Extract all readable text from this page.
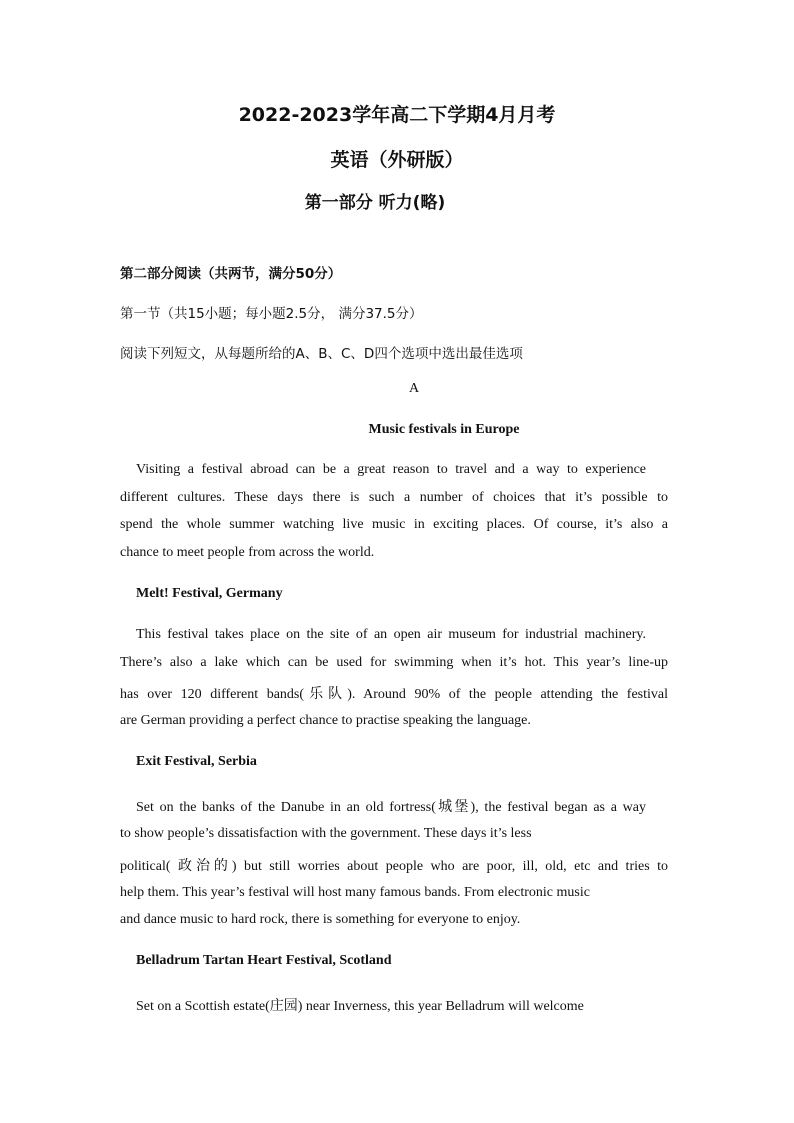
2022-2023学年高二下学期4月月考
英语（外研版）
第一部分 听力(略)
第二部分阅读（共两节，满分50分）
第一节（共15小题；每小题2.5分， 满分37.5分）
阅读下列短文，从每题所给的A、B、C、D四个选项中选出最佳选项
A
Music festivals in Europe
Visiting a festival abroad can be a great reason to travel and a way to experience
different cultures. These days there is such a number of choices that it’s possible to
spend the whole summer watching live music in exciting places. Of course, it’s also a
chance to meet people from across the world.
Melt! Festival, Germany
This festival takes place on the site of an open air museum for industrial machinery.
There’s also a lake which can be used for swimming when it’s hot. This year’s line-up
has over 120 different bands(乐队). Around 90% of the people attending the festival
are German providing a perfect chance to practise speaking the language.
Exit Festival, Serbia
Set on the banks of the Danube in an old fortress(城堡), the festival began as a way
to show people’s dissatisfaction with the government. These days it’s less
political( 政治的) but still worries about people who are poor, ill, old, etc and tries to
help them. This year’s festival will host many famous bands. From electronic music
and dance music to hard rock, there is something for everyone to enjoy.
Belladrum Tartan Heart Festival, Scotland
Set on a Scottish estate(庄园) near Inverness, this year Belladrum will welcome
